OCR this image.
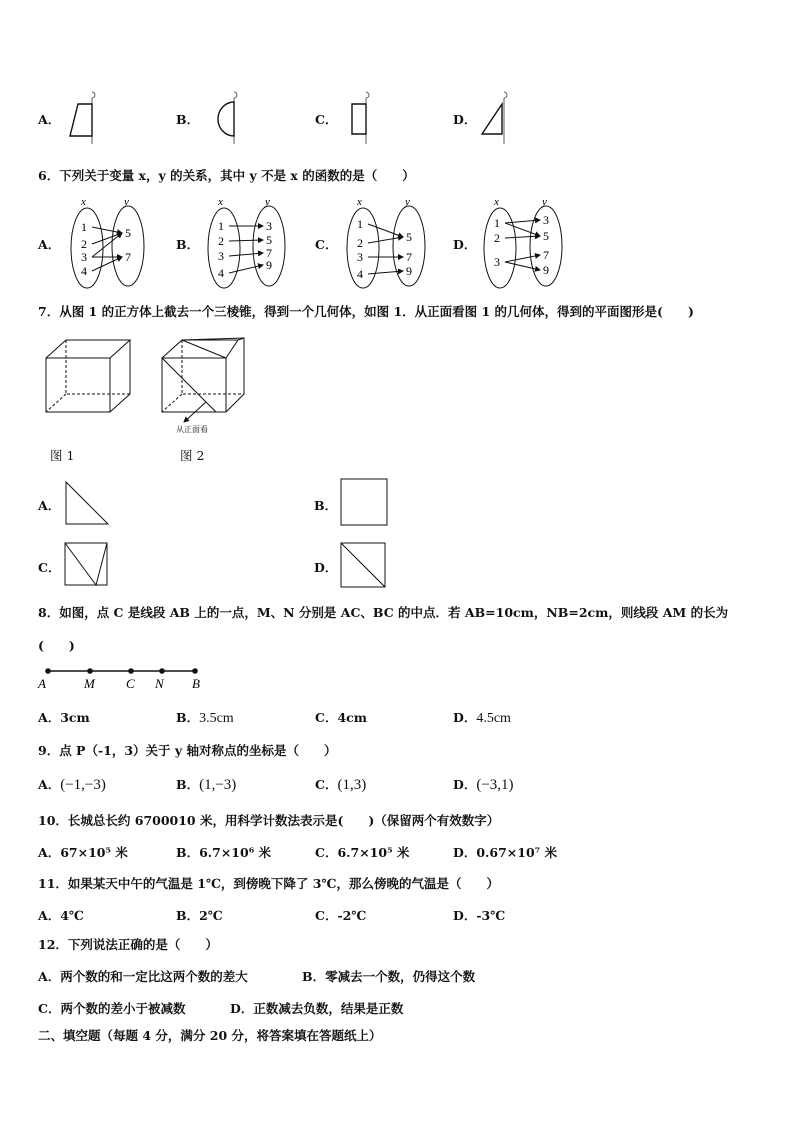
A．	B．	C．	D．
6．下列关于变量 x，y 的关系，其中 y 不是 x 的函数的是（　　）
A．	B．	C．	D．
x	y
1
2
3
4
5
7
x	y
1
2
3
4
3
5
7
9
x	y
1
2
3
4
5
7
9
x	y
1
2
3
3
5
7
9
7．从图 1 的正方体上截去一个三棱锥，得到一个几何体，如图 1．从正面看图 1 的几何体，得到的平面图形是(　　)
图 1
从正面看
图 2
A．	B．
C．	D．
8．如图，点 C 是线段 AB 上的一点，M、N 分别是 AC、BC 的中点．若 AB=10cm，NB=2cm，则线段 AM 的长为
(　　)
A	M C N B
A．3cm	B．3.5cm	C．4cm	D．4.5cm
9．点 P（-1，3）关于 y 轴对称点的坐标是（　　）
A．(−1,−3)	B．(1,−3)	C．(1,3)	D．(−3,1)
10．长城总长约 6700010 米，用科学计数法表示是(　　)（保留两个有效数字）
A．67×10⁵ 米	B．6.7×10⁶ 米	C．6.7×10⁵ 米	D．0.67×10⁷ 米
11．如果某天中午的气温是 1℃，到傍晚下降了 3℃，那么傍晚的气温是（　　）
A．4℃	B．2℃	C．-2℃	D．-3℃
12．下列说法正确的是（　　）
A．两个数的和一定比这两个数的差大	B．零减去一个数，仍得这个数
C．两个数的差小于被减数	D．正数减去负数，结果是正数
二、填空题（每题 4 分，满分 20 分，将答案填在答题纸上）
